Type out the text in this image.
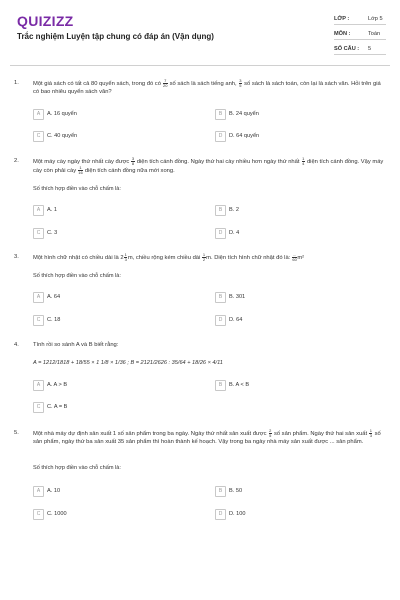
QUIZIZZ
Trắc nghiệm Luyện tập chung có đáp án (Vận dụng)
LỚP :	Lớp 5
MÔN :	Toán
SỐ CÂU : 5
1. Một giá sách có tất cả 80 quyển sách, trong đó có $\frac{7}{20}$ số sách là sách tiếng anh, $\frac{3}{5}$ số sách là sách toán, còn lại là sách văn. Hỏi trên giá có bao nhiêu quyển sách văn?
A	A. 16 quyển	B	B. 24 quyển
C	C. 40 quyển	D	D. 64 quyển
2. Một máy cày ngày thứ nhất cày được $\frac{3}{8}$ diện tích cánh đồng. Ngày thứ hai cày nhiều hơn ngày thứ nhất $\frac{1}{4}$ diện tích cánh đồng. Vậy máy cày còn phải cày $\frac{1}{16}$ diện tích cánh đồng nữa mới xong.
Số thích hợp điền vào chỗ chấm là:
A	A. 1	B	B. 2
C	C. 3	D	D. 4
3. Một hình chữ nhật có chiều dài là $2 \frac{1}{3} m$, chiều rộng kém chiều dài $\frac{1}{2} m$. Diện tích hình chữ nhật đó là: $\frac{...}{60} m^2$
Số thích hợp điền vào chỗ chấm là:
A	A. 64	B	B. 301
C	C. 18	D	D. 64
4. Tính rồi so sánh A và B biết rằng:
A = 1212/1818 + 18/55 × 1 1/8 × 1/36 ; B = 2121/2626 : 35/64 + 18/26 × 4/11
A	A. A > B	B	B. A < B
C	C. A = B
5. Một nhà máy dự định sản xuất 1 số sản phẩm trong ba ngày. Ngày thứ nhất sản xuất được $\frac{2}{5}$ số sản phẩm. Ngày thứ hai sản xuất $\frac{1}{3}$ số sản phẩm, ngày thứ ba sản xuất 35 sản phẩm thì hoàn thành kế hoạch. Vậy trong ba ngày nhà máy sản xuất được ... sản phẩm.
Số thích hợp điền vào chỗ chấm là:
A	A. 10	B	B. 50
C	C. 1000	D	D. 100
